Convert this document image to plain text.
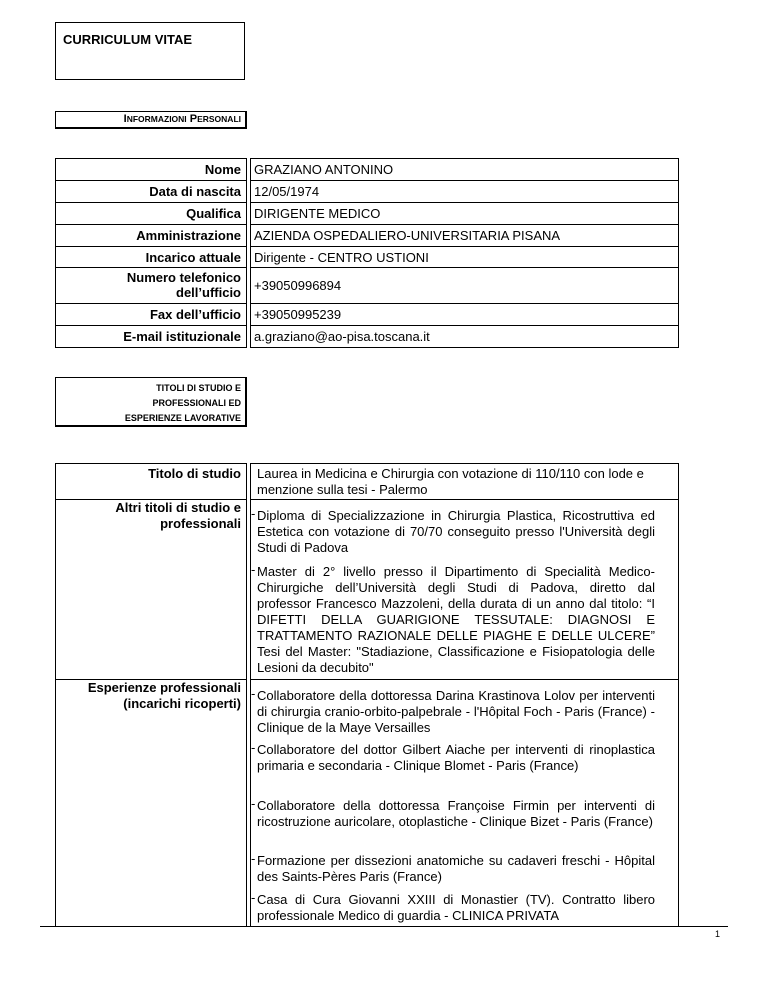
CURRICULUM VITAE
INFORMAZIONI PERSONALI
Nome GRAZIANO ANTONINO
Data di nascita 12/05/1974
Qualifica DIRIGENTE MEDICO
Amministrazione AZIENDA OSPEDALIERO-UNIVERSITARIA PISANA
Incarico attuale Dirigente - CENTRO USTIONI
Numero telefonico
dell’ufficio +39050996894
Fax dell’ufficio +39050995239
E-mail istituzionale a.graziano@ao-pisa.toscana.it
TITOLI DI STUDIO E
PROFESSIONALI ED
ESPERIENZE LAVORATIVE
Titolo di studio Laurea in Medicina e Chirurgia con votazione di 110/110 con lode e menzione sulla tesi - Palermo
Altri titoli di studio e
professionali
- Diploma di Specializzazione in Chirurgia Plastica, Ricostruttiva ed Estetica con votazione di 70/70 conseguito presso l'Università degli Studi di Padova
- Master di 2° livello presso il Dipartimento di Specialità Medico-Chirurgiche dell’Università degli Studi di Padova, diretto dal professor Francesco Mazzoleni, della durata di un anno dal titolo: “I DIFETTI DELLA GUARIGIONE TESSUTALE: DIAGNOSI E TRATTAMENTO RAZIONALE DELLE PIAGHE E DELLE ULCERE” Tesi del Master: "Stadiazione, Classificazione e Fisiopatologia delle Lesioni da decubito"
Esperienze professionali
(incarichi ricoperti)
- Collaboratore della dottoressa Darina Krastinova Lolov per interventi di chirurgia cranio-orbito-palpebrale - l'Hôpital Foch - Paris (France) - Clinique de la Maye Versailles
- Collaboratore del dottor Gilbert Aiache per interventi di rinoplastica primaria e secondaria - Clinique Blomet - Paris (France)
- Collaboratore della dottoressa Françoise Firmin per interventi di ricostruzione auricolare, otoplastiche - Clinique Bizet - Paris (France)
- Formazione per dissezioni anatomiche su cadaveri freschi - Hôpital des Saints-Pères Paris (France)
- Casa di Cura Giovanni XXIII di Monastier (TV). Contratto libero professionale Medico di guardia - CLINICA PRIVATA
1
